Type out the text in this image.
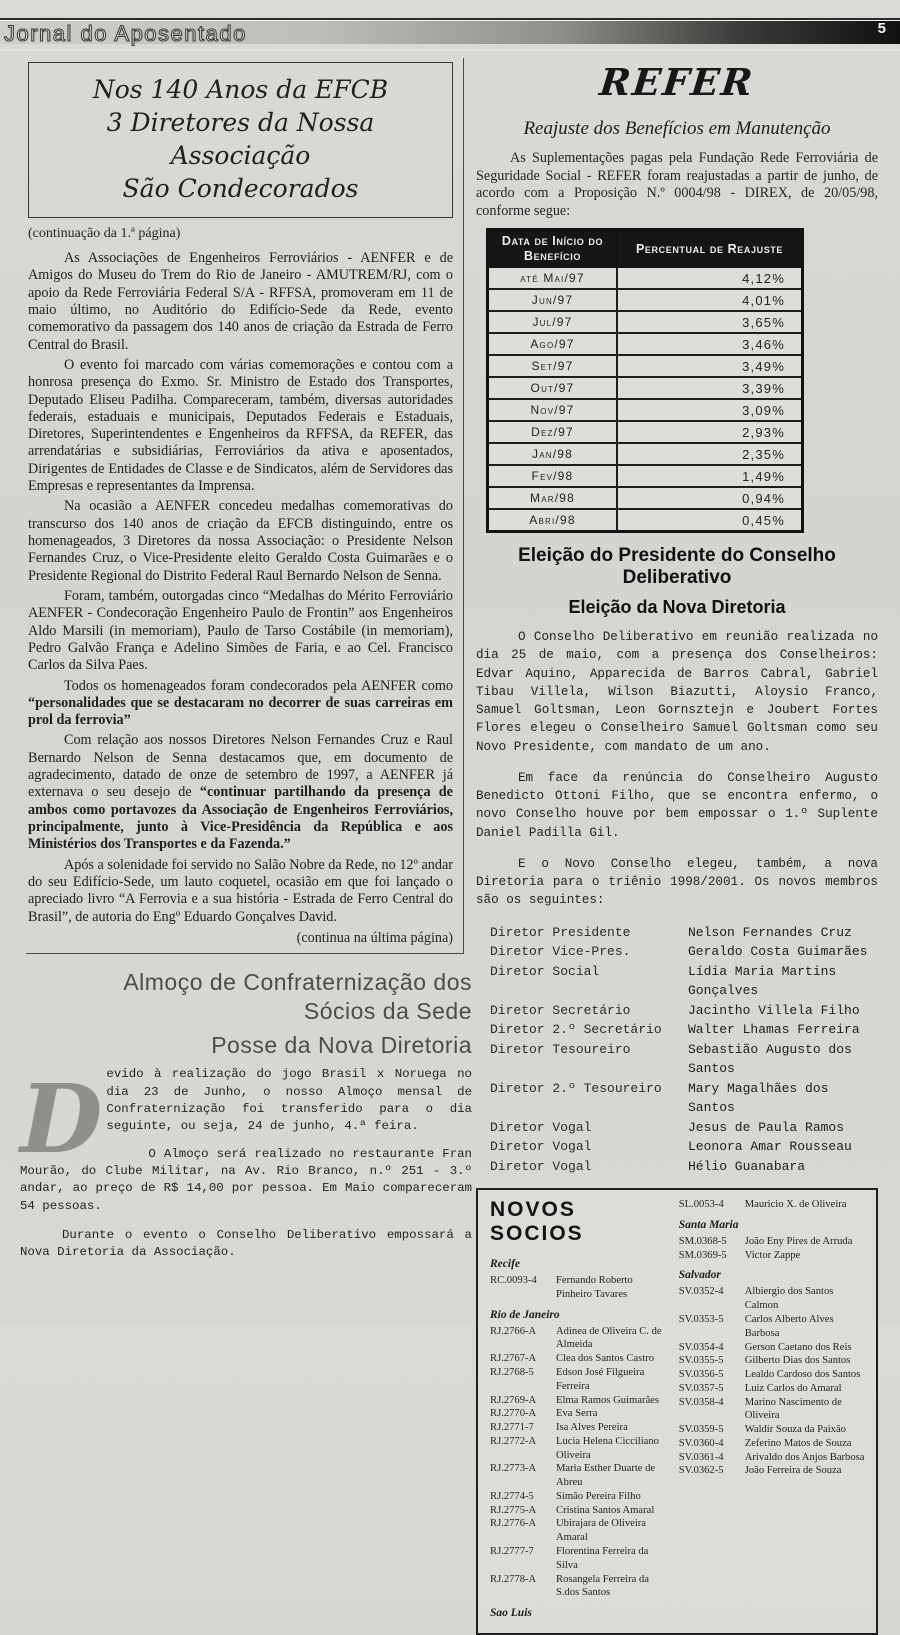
Jornal do Aposentado	5
Nos 140 Anos da EFCB
3 Diretores da Nossa Associação
São Condecorados
(continuação da 1.ª página)

As Associações de Engenheiros Ferroviários - AENFER e de Amigos do Museu do Trem do Rio de Janeiro - AMUTREM/RJ, com o apoio da Rede Ferroviária Federal S/A - RFFSA, promoveram em 11 de maio último, no Auditório do Edifício-Sede da Rede, evento comemorativo da passagem dos 140 anos de criação da Estrada de Ferro Central do Brasil.

O evento foi marcado com várias comemorações e contou com a honrosa presença do Exmo. Sr. Ministro de Estado dos Transportes, Deputado Eliseu Padilha. Compareceram, também, diversas autoridades federais, estaduais e municipais, Deputados Federais e Estaduais, Diretores, Superintendentes e Engenheiros da RFFSA, da REFER, das arrendatárias e subsidiárias, Ferroviários da ativa e aposentados, Dirigentes de Entidades de Classe e de Sindicatos, além de Servidores das Empresas e representantes da Imprensa.

Na ocasião a AENFER concedeu medalhas comemorativas do transcurso dos 140 anos de criação da EFCB distinguindo, entre os homenageados, 3 Diretores da nossa Associação: o Presidente Nelson Fernandes Cruz, o Vice-Presidente eleito Geraldo Costa Guimarães e o Presidente Regional do Distrito Federal Raul Bernardo Nelson de Senna.

Foram, também, outorgadas cinco “Medalhas do Mérito Ferroviário AENFER - Condecoração Engenheiro Paulo de Frontin” aos Engenheiros Aldo Marsili (in memoriam), Paulo de Tarso Costábile (in memoriam), Pedro Galvão França e Adelino Simões de Faria, e ao Cel. Francisco Carlos da Silva Paes.

Todos os homenageados foram condecorados pela AENFER como “personalidades que se destacaram no decorrer de suas carreiras em prol da ferrovia”

Com relação aos nossos Diretores Nelson Fernandes Cruz e Raul Bernardo Nelson de Senna destacamos que, em documento de agradecimento, datado de onze de setembro de 1997, a AENFER já externava o seu desejo de “continuar partilhando da presença de ambos como portavozes da Associação de Engenheiros Ferroviários, principalmente, junto à Vice-Presidência da República e aos Ministérios dos Transportes e da Fazenda.”

Após a solenidade foi servido no Salão Nobre da Rede, no 12º andar do seu Edifício-Sede, um lauto coquetel, ocasião em que foi lançado o apreciado livro “A Ferrovia e a sua história - Estrada de Ferro Central do Brasil”, de autoria do Engº Eduardo Gonçalves David.

(continua na última página)
Almoço de Confraternização dos
Sócios da Sede
Posse da Nova Diretoria
D evido à realização do jogo Brasil x Noruega no dia 23 de Junho, o nosso Almoço mensal de Confraternização foi transferido para o dia seguinte, ou seja, 24 de junho, 4.ª feira.

O Almoço será realizado no restaurante Fran Mourão, do Clube Militar, na Av. Rio Branco, n.º 251 - 3.º andar, ao preço de R$ 14,00 por pessoa. Em Maio compareceram 54 pessoas.

Durante o evento o Conselho Deliberativo empossará a Nova Diretoria da Associação.

REFER
Reajuste dos Benefícios em Manutenção

As Suplementações pagas pela Fundação Rede Ferroviária de Seguridade Social - REFER foram reajustadas a partir de junho, de acordo com a Proposição N.º 0004/98 - DIREX, de 20/05/98, conforme segue:

Data de Início do Benefício	Percentual de Reajuste
até Mai/97	4,12%
Jun/97	4,01%
Jul/97	3,65%
Ago/97	3,46%
Set/97	3,49%
Out/97	3,39%
Nov/97	3,09%
Dez/97	2,93%
Jan/98	2,35%
Fev/98	1,49%
Mar/98	0,94%
Abri/98	0,45%
Eleição do Presidente do Conselho Deliberativo
Eleição da Nova Diretoria

O Conselho Deliberativo em reunião realizada no dia 25 de maio, com a presença dos Conselheiros: Edvar Aquino, Apparecida de Barros Cabral, Gabriel Tibau Villela, Wilson Biazutti, Aloysio Franco, Samuel Goltsman, Leon Gornsztejn e Joubert Fortes Flores elegeu o Conselheiro Samuel Goltsman como seu Novo Presidente, com mandato de um ano.

Em face da renúncia do Conselheiro Augusto Benedicto Ottoni Filho, que se encontra enfermo, o novo Conselho houve por bem empossar o 1.º Suplente Daniel Padilla Gil.

E o Novo Conselho elegeu, também, a nova Diretoria para o triênio 1998/2001. Os novos membros são os seguintes:

Diretor Presidente	Nelson Fernandes Cruz
Diretor Vice-Pres.	Geraldo Costa Guimarães
Diretor Social	Lídia Maria Martins Gonçalves
Diretor Secretário	Jacintho Villela Filho
Diretor 2.º Secretário	Walter Lhamas Ferreira
Diretor Tesoureiro	Sebastião Augusto dos Santos
Diretor 2.º Tesoureiro	Mary Magalhães dos Santos
Diretor Vogal	Jesus de Paula Ramos
Diretor Vogal	Leonora Amar Rousseau
Diretor Vogal	Hélio Guanabara
NOVOS SOCIOS
Recife
RC.0093-4	Fernando Roberto Pinheiro Tavares
Rio de Janeiro
RJ.2766-A	Adinea de Oliveira C. de Almeida
RJ.2767-A	Clea dos Santos Castro
RJ.2768-5	Edson José Filgueira Ferreira
RJ.2769-A	Elma Ramos Guimarães
RJ.2770-A	Eva Serra
RJ.2771-7	Isa Alves Pereira
RJ.2772-A	Lucia Helena Cicciliano Oliveira
RJ.2773-A	Maria Esther Duarte de Abreu
RJ.2774-5	Simão Pereira Filho
RJ.2775-A	Cristina Santos Amaral
RJ.2776-A	Ubirajara de Oliveira Amaral
RJ.2777-7	Florentina Ferreira da Silva
RJ.2778-A	Rosangela Ferreira da S.dos Santos
Sao Luis
SL.0053-4	Mauricio X. de Oliveira
Santa Maria
SM.0368-5	João Eny Pires de Arruda
SM.0369-5	Victor Zappe
Salvador
SV.0352-4	Albiergio dos Santos Calmon
SV.0353-5	Carlos Alberto Alves Barbosa
SV.0354-4	Gerson Caetano dos Reis
SV.0355-5	Gilberto Dias dos Santos
SV.0356-5	Lealdo Cardoso dos Santos
SV.0357-5	Luiz Carlos do Amaral
SV.0358-4	Marino Nascimento de Oliveira
SV.0359-5	Waldir Souza da Paixão
SV.0360-4	Zeferino Matos de Souza
SV.0361-4	Arivaldo dos Anjos Barbosa
SV.0362-5	João Ferreira de Souza
